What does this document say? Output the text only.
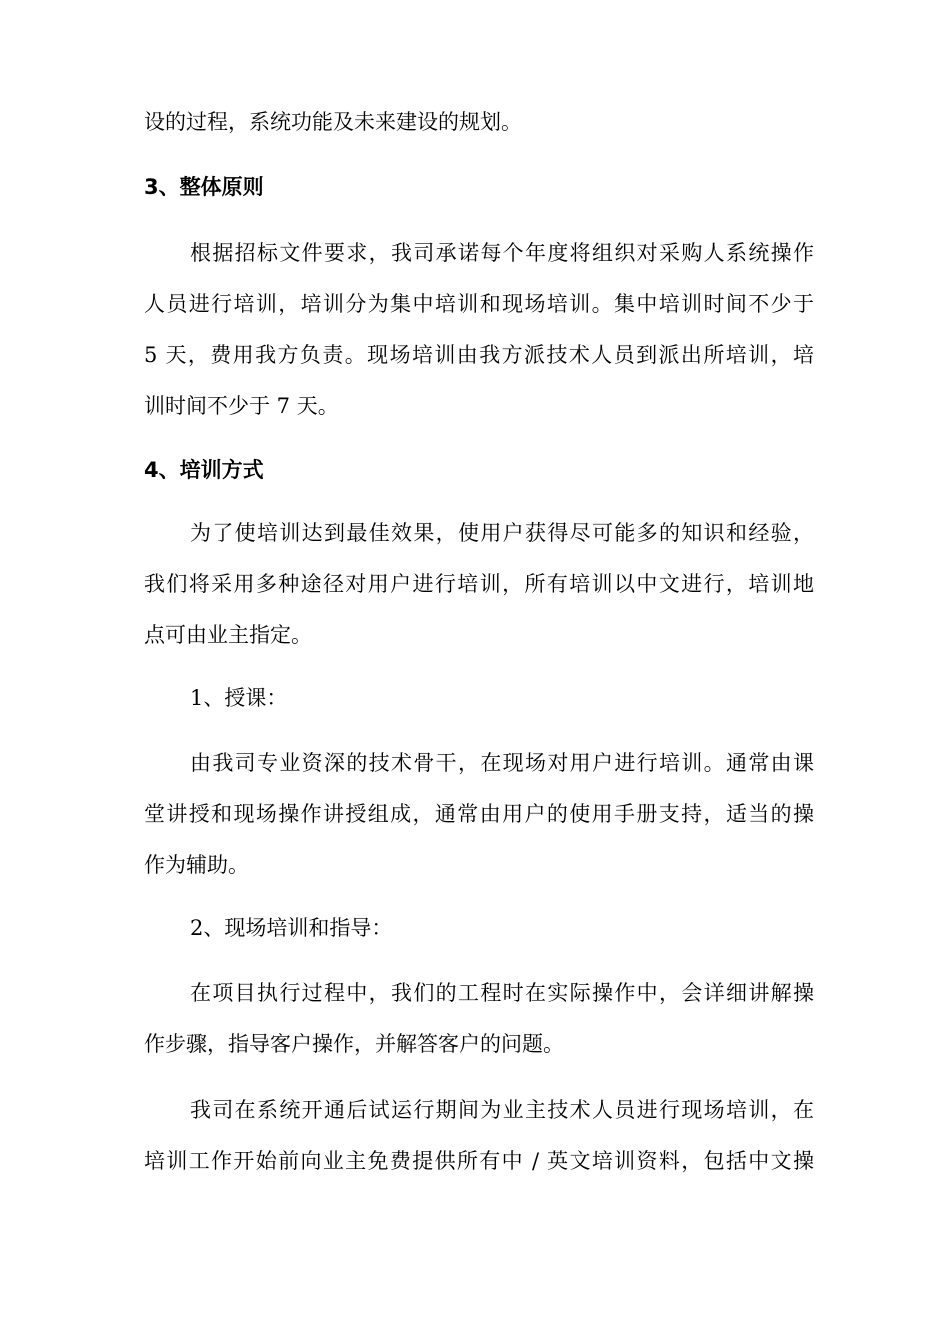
设的过程，系统功能及未来建设的规划。
3、整体原则
根据招标文件要求，我司承诺每个年度将组织对采购人系统操作
人员进行培训，培训分为集中培训和现场培训。集中培训时间不少于
5 天，费用我方负责。现场培训由我方派技术人员到派出所培训，培
训时间不少于 7 天。
4、培训方式
为了使培训达到最佳效果，使用户获得尽可能多的知识和经验，
我们将采用多种途径对用户进行培训，所有培训以中文进行，培训地
点可由业主指定。
1、授课：
由我司专业资深的技术骨干，在现场对用户进行培训。通常由课
堂讲授和现场操作讲授组成，通常由用户的使用手册支持，适当的操
作为辅助。
2、现场培训和指导：
在项目执行过程中，我们的工程时在实际操作中，会详细讲解操
作步骤，指导客户操作，并解答客户的问题。
我司在系统开通后试运行期间为业主技术人员进行现场培训，在
培训工作开始前向业主免费提供所有中 / 英文培训资料，包括中文操
